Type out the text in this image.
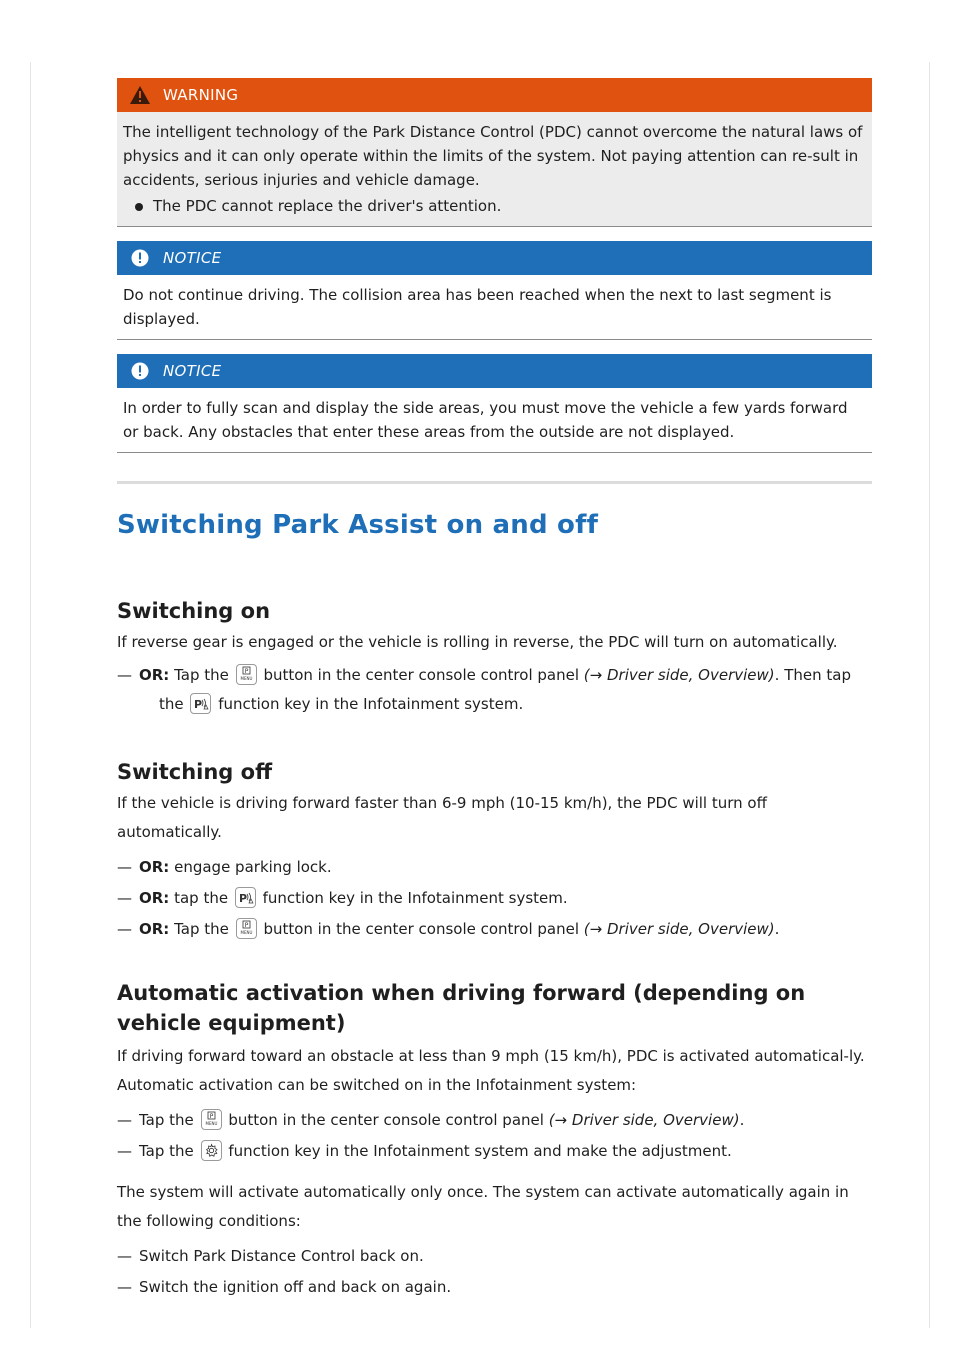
WARNING
The intelligent technology of the Park Distance Control (PDC) cannot overcome the natural laws of physics and it can only operate within the limits of the system. Not paying attention can re-sult in accidents, serious injuries and vehicle damage.
The PDC cannot replace the driver's attention.
NOTICE
Do not continue driving. The collision area has been reached when the next to last segment is displayed.
NOTICE
In order to fully scan and display the side areas, you must move the vehicle a few yards forward or back. Any obstacles that enter these areas from the outside are not displayed.
Switching Park Assist on and off
Switching on

If reverse gear is engaged or the vehicle is rolling in reverse, the PDC will turn on automatically.

— OR: Tap the	P
MENU button in the center console control panel (→ Driver side, Overview). Then tap
the P function key in the Infotainment system.
Switching off

If the vehicle is driving forward faster than 6-9 mph (10-15 km/h), the PDC will turn off automatically.

— OR: engage parking lock.
— OR: tap the P function key in the Infotainment system.
— OR: Tap the	P
MENU button in the center console control panel (→ Driver side, Overview).
Automatic activation when driving forward (depending on vehicle equipment)

If driving forward toward an obstacle at less than 9 mph (15 km/h), PDC is activated automatical-ly. Automatic activation can be switched on in the Infotainment system:

— Tap the	P
MENU button in the center console control panel (→ Driver side, Overview).
— Tap the function key in the Infotainment system and make the adjustment.

The system will activate automatically only once. The system can activate automatically again in the following conditions:

— Switch Park Distance Control back on.
— Switch the ignition off and back on again.
